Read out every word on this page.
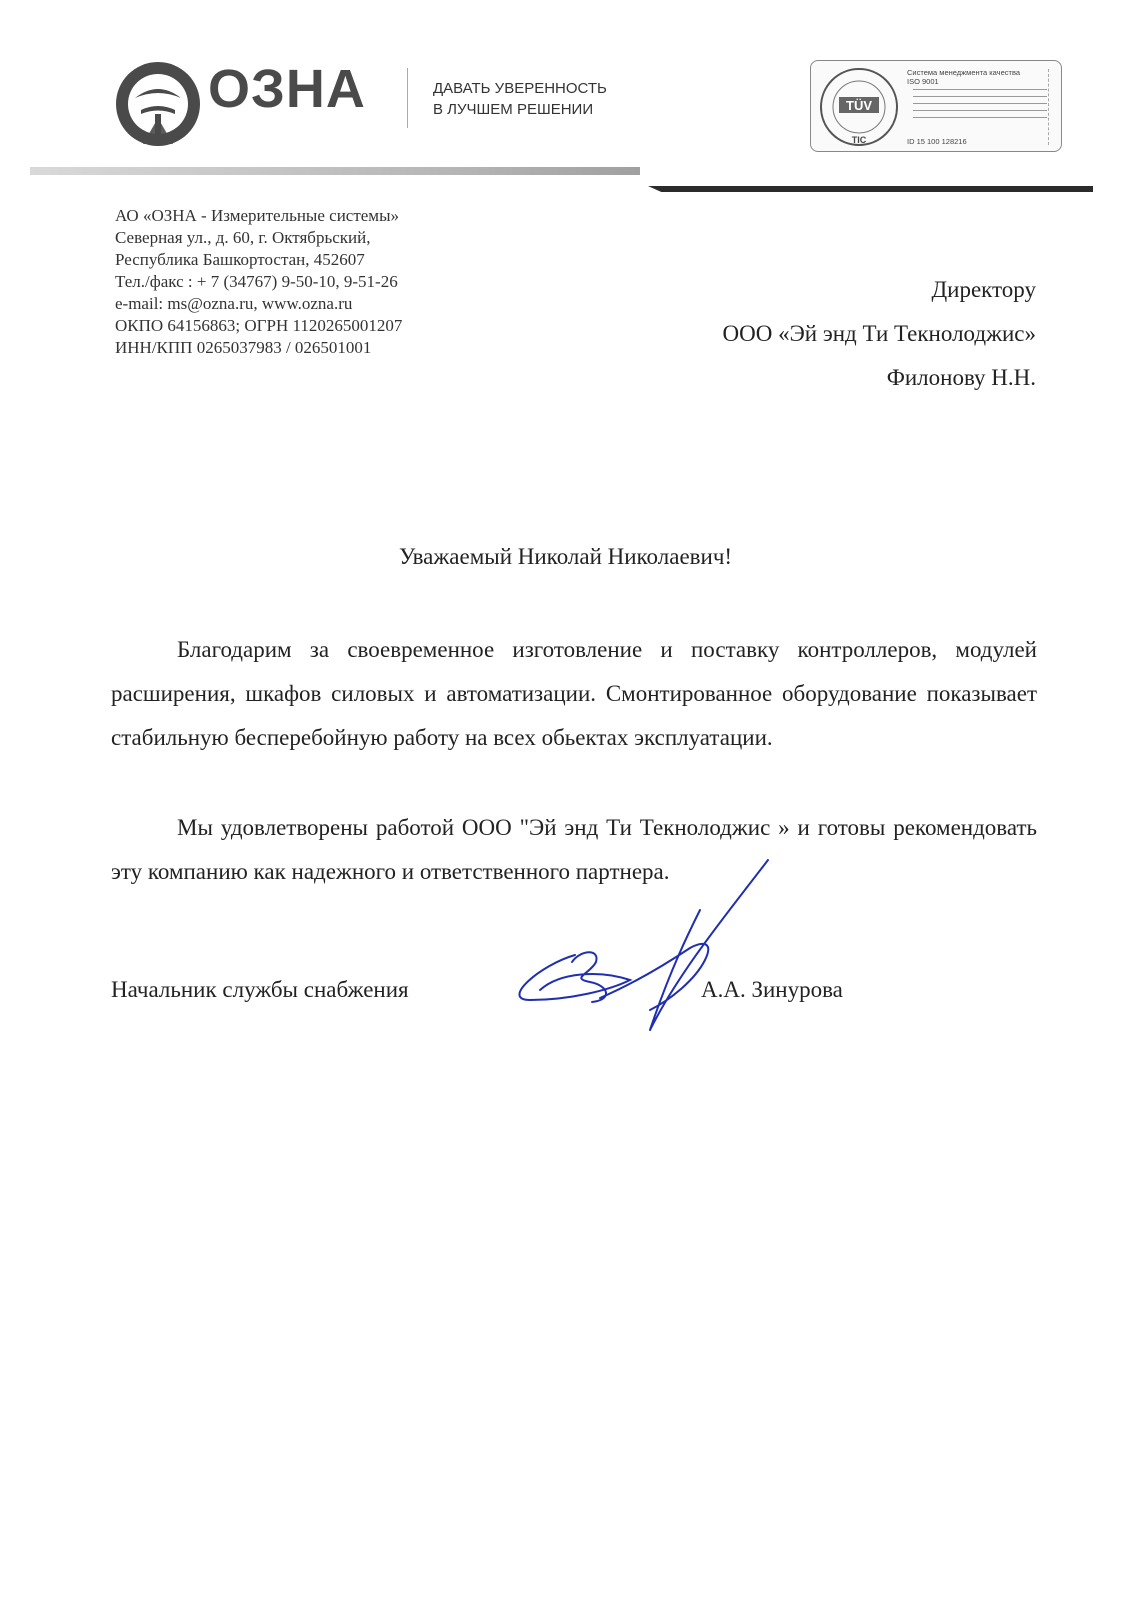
ОЗНА	ДАВАТЬ УВЕРЕННОСТЬ
В ЛУЧШЕМ РЕШЕНИИ	TÜV
TIC
Система менеджмента качества
ISO 9001
ID 15 100 128216
АО «ОЗНА - Измерительные системы»
Северная ул., д. 60, г. Октябрьский,
Республика Башкортостан, 452607
Тел./факс : + 7 (34767) 9-50-10, 9-51-26
e-mail: ms@ozna.ru, www.ozna.ru
ОКПО 64156863; ОГРН 1120265001207
ИНН/КПП 0265037983 / 026501001
Директору
ООО «Эй энд Ти Текнолоджис»
Филонову Н.Н.
Уважаемый Николай Николаевич!
Благодарим за своевременное изготовление и поставку контроллеров, модулей расширения, шкафов силовых и автоматизации. Смонтированное оборудование показывает стабильную бесперебойную работу на всех обьектах эксплуатации.
Мы удовлетворены работой ООО "Эй энд Ти Текнолоджис » и готовы рекомендовать эту компанию как надежного и ответственного партнера.
Начальник службы снабжения	А.А. Зинурова
